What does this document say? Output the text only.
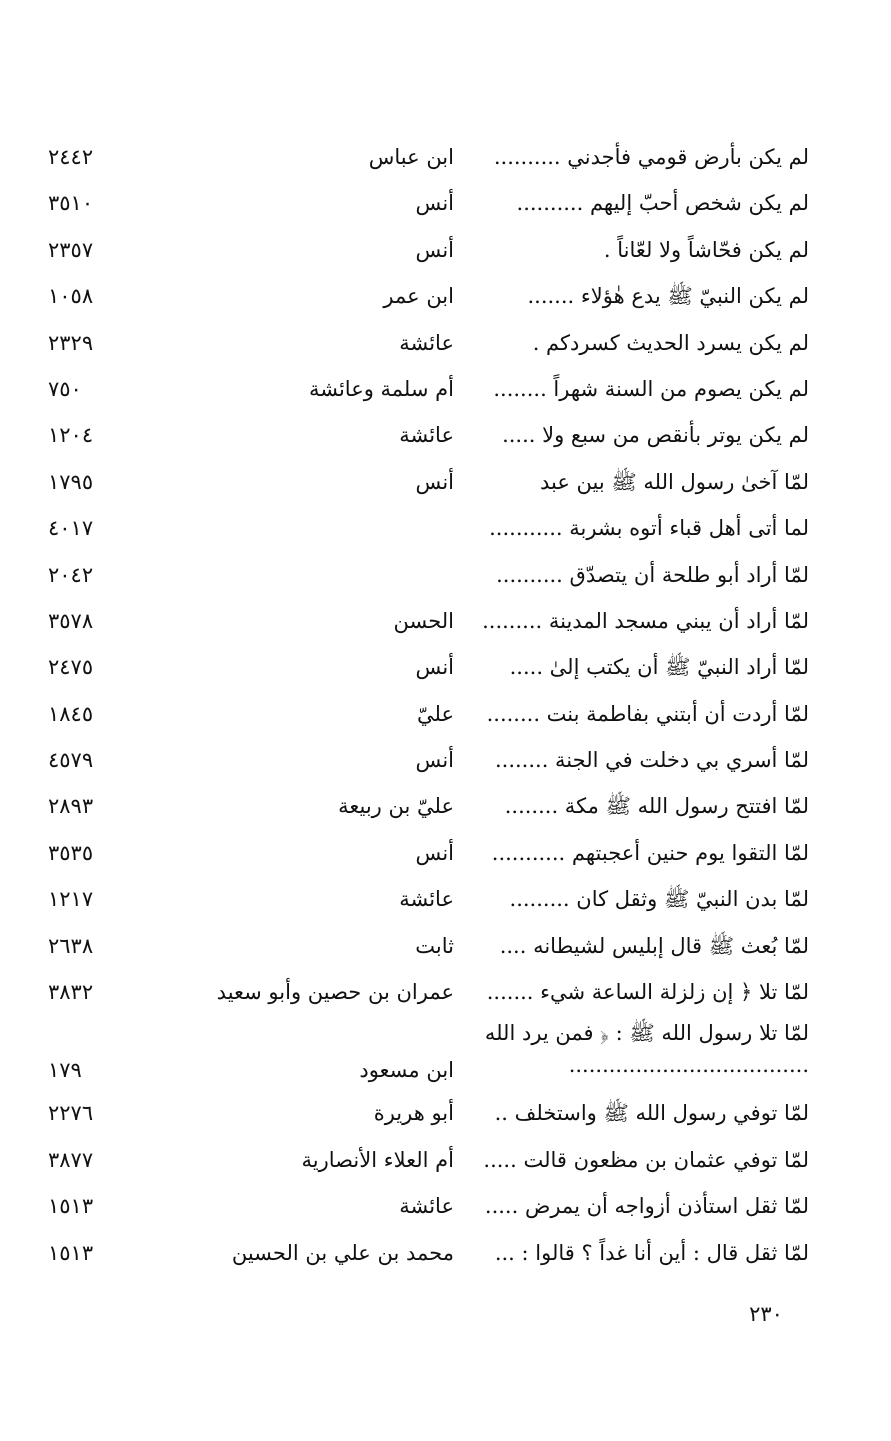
لم يكن بأرض قومي فأجدني ..........
ابن عباس
٢٤٤٢
لم يكن شخص أحبّ إليهم ..........
أنس
٣٥١٠
لم يكن فحّاشاً ولا لعّاناً .
أنس
٢٣٥٧
لم يكن النبيّ ﷺ يدع هٰؤلاء .......
ابن عمر
١٠٥٨
لم يكن يسرد الحديث كسردكم .
عائشة
٢٣٢٩
لم يكن يصوم من السنة شهراً ........
أم سلمة وعائشة
٧٥٠
لم يكن يوتر بأنقص من سبع ولا .....
عائشة
١٢٠٤
لمّا آخىٰ رسول الله ﷺ بين عبد
أنس
١٧٩٥
لما أتى أهل قباء أتوه بشربة ...........
٤٠١٧
لمّا أراد أبو طلحة أن يتصدّق ..........
٢٠٤٢
لمّا أراد أن يبني مسجد المدينة .........
الحسن
٣٥٧٨
لمّا أراد النبيّ ﷺ أن يكتب إلىٰ .....
أنس
٢٤٧٥
لمّا أردت أن أبتني بفاطمة بنت ........
عليّ
١٨٤٥
لمّا أسري بي دخلت في الجنة ........
أنس
٤٥٧٩
لمّا افتتح رسول الله ﷺ مكة ........
عليّ بن ربيعة
٢٨٩٣
لمّا التقوا يوم حنين أعجبتهم ...........
أنس
٣٥٣٥
لمّا بدن النبيّ ﷺ وثقل كان .........
عائشة
١٢١٧
لمّا بُعث ﷺ قال إبليس لشيطانه ....
ثابت
٢٦٣٨
لمّا تلا ﴿ إن زلزلة الساعة شيء .......
عمران بن حصين وأبو سعيد
٣٨٣٢
لمّا تلا رسول الله ﷺ : ﴿ فمن يرد الله ....................................
ابن مسعود
١٧٩
لمّا توفي رسول الله ﷺ واستخلف ..
أبو هريرة
٢٢٧٦
لمّا توفي عثمان بن مظعون قالت .....
أم العلاء الأنصارية
٣٨٧٧
لمّا ثقل استأذن أزواجه أن يمرض .....
عائشة
١٥١٣
لمّا ثقل قال : أين أنا غداً ؟ قالوا : ...
محمد بن علي بن الحسين
١٥١٣
٢٣٠
